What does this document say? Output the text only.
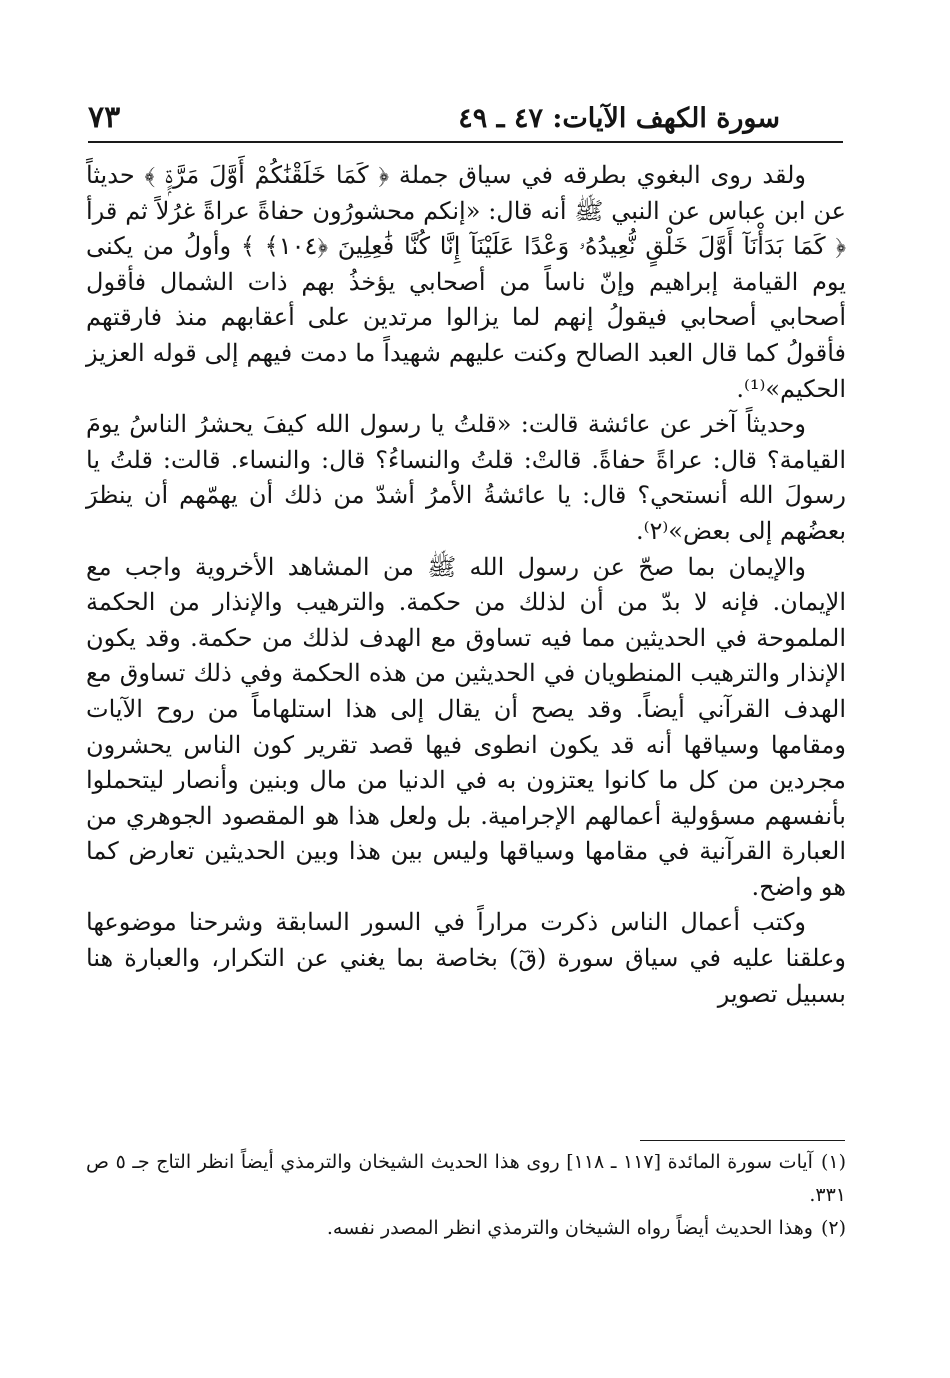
سورة الكهف الآيات: ٤٧ ـ ٤٩
٧٣

ولقد روى البغوي بطرقه في سياق جملة ﴿ كَمَا خَلَقْنَٰكُمْ أَوَّلَ مَرَّةٍۭ ﴾ حديثاً عن ابن عباس عن النبي ﷺ أنه قال: «إنكم محشورُون حفاةً عراةً غرُلاً ثم قرأ ﴿ كَمَا بَدَأْنَآ أَوَّلَ خَلْقٍ نُّعِيدُهُۥ وَعْدًا عَلَيْنَآ إِنَّا كُنَّا فَٰعِلِينَ ﴿١٠٤﴾ ﴾ وأولُ من يكنى يوم القيامة إبراهيم وإنّ ناساً من أصحابي يؤخذُ بهم ذات الشمال فأقول أصحابي أصحابي فيقولُ إنهم لما يزالوا مرتدين على أعقابهم منذ فارقتهم فأقولُ كما قال العبد الصالح وكنت عليهم شهيداً ما دمت فيهم إلى قوله العزيز الحكيم»⁽¹⁾.

وحديثاً آخر عن عائشة قالت: «قلتُ يا رسول الله كيفَ يحشرُ الناسُ يومَ القيامة؟ قال: عراةً حفاةً. قالتْ: قلتُ والنساءُ؟ قال: والنساء. قالت: قلتُ يا رسولَ الله أنستحي؟ قال: يا عائشةُ الأمرُ أشدّ من ذلك أن يهمّهم أن ينظرَ بعضُهم إلى بعض»⁽٢⁾.

والإيمان بما صحّ عن رسول الله ﷺ من المشاهد الأخروية واجب مع الإيمان. فإنه لا بدّ من أن لذلك من حكمة. والترهيب والإنذار من الحكمة الملموحة في الحديثين مما فيه تساوق مع الهدف لذلك من حكمة. وقد يكون الإنذار والترهيب المنطويان في الحديثين من هذه الحكمة وفي ذلك تساوق مع الهدف القرآني أيضاً. وقد يصح أن يقال إلى هذا استلهاماً من روح الآيات ومقامها وسياقها أنه قد يكون انطوى فيها قصد تقرير كون الناس يحشرون مجردين من كل ما كانوا يعتزون به في الدنيا من مال وبنين وأنصار ليتحملوا بأنفسهم مسؤولية أعمالهم الإجرامية. بل ولعل هذا هو المقصود الجوهري من العبارة القرآنية في مقامها وسياقها وليس بين هذا وبين الحديثين تعارض كما هو واضح.

وكتب أعمال الناس ذكرت مراراً في السور السابقة وشرحنا موضوعها وعلقنا عليه في سياق سورة (قٓ) بخاصة بما يغني عن التكرار، والعبارة هنا بسبيل تصوير

(١)آيات سورة المائدة [١١٧ ـ ١١٨] روى هذا الحديث الشيخان والترمذي أيضاً انظر التاج جـ ٥ ص ٣٣١.

(٢)وهذا الحديث أيضاً رواه الشيخان والترمذي انظر المصدر نفسه.
